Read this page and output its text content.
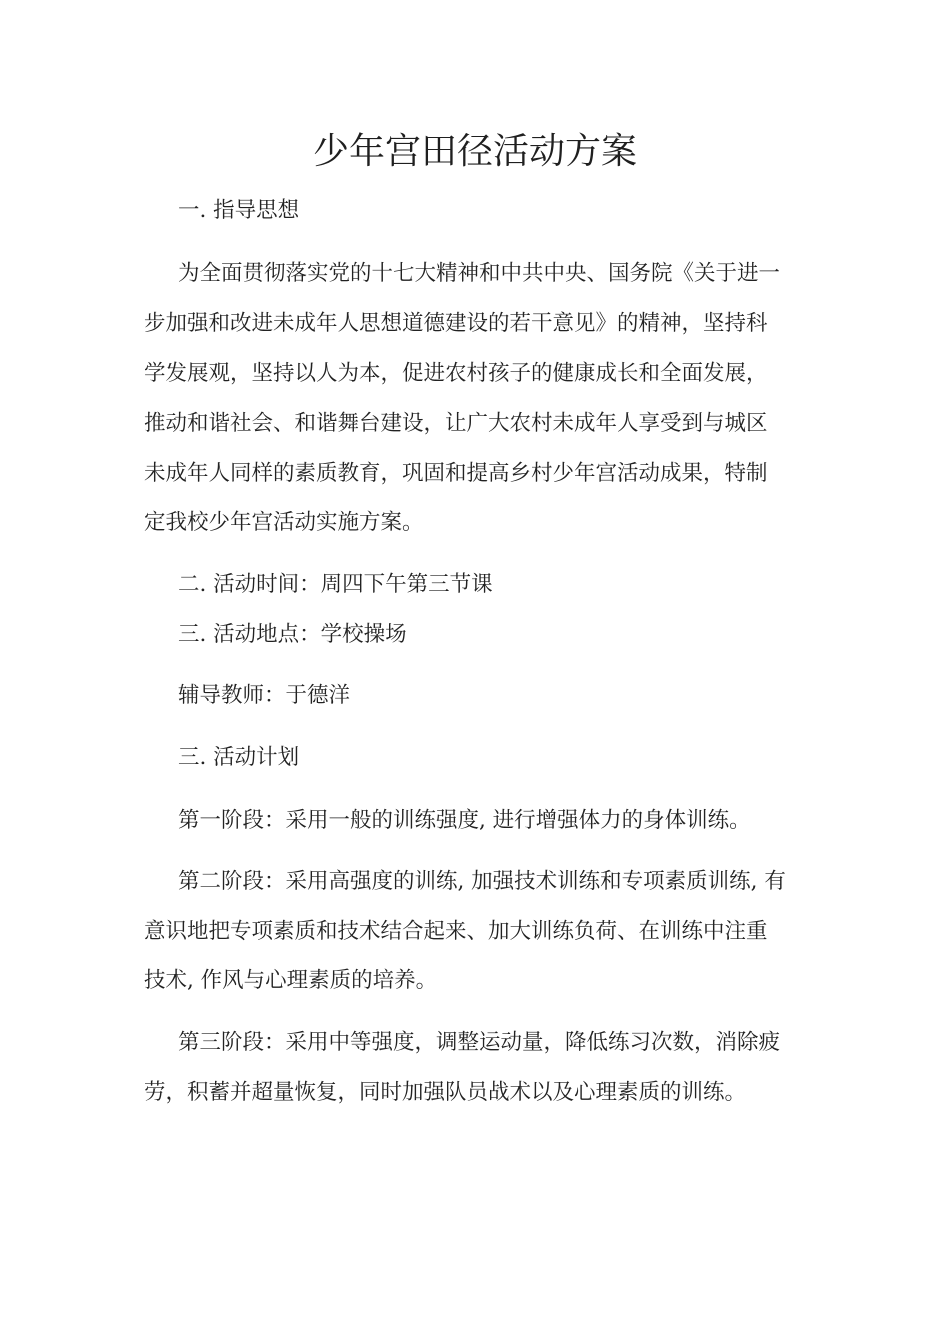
少年宫田径活动方案

一. 指导思想

为全面贯彻落实党的十七大精神和中共中央、国务院《关于进一

步加强和改进未成年人思想道德建设的若干意见》的精神，坚持科

学发展观，坚持以人为本，促进农村孩子的健康成长和全面发展，

推动和谐社会、和谐舞台建设，让广大农村未成年人享受到与城区

未成年人同样的素质教育，巩固和提高乡村少年宫活动成果，特制

定我校少年宫活动实施方案。

二. 活动时间：周四下午第三节课

三. 活动地点：学校操场

辅导教师：于德洋

三. 活动计划

第一阶段：采用一般的训练强度, 进行增强体力的身体训练。

第二阶段：采用高强度的训练, 加强技术训练和专项素质训练, 有

意识地把专项素质和技术结合起来、加大训练负荷、在训练中注重

技术, 作风与心理素质的培养。

第三阶段：采用中等强度，调整运动量，降低练习次数，消除疲

劳，积蓄并超量恢复，同时加强队员战术以及心理素质的训练。
